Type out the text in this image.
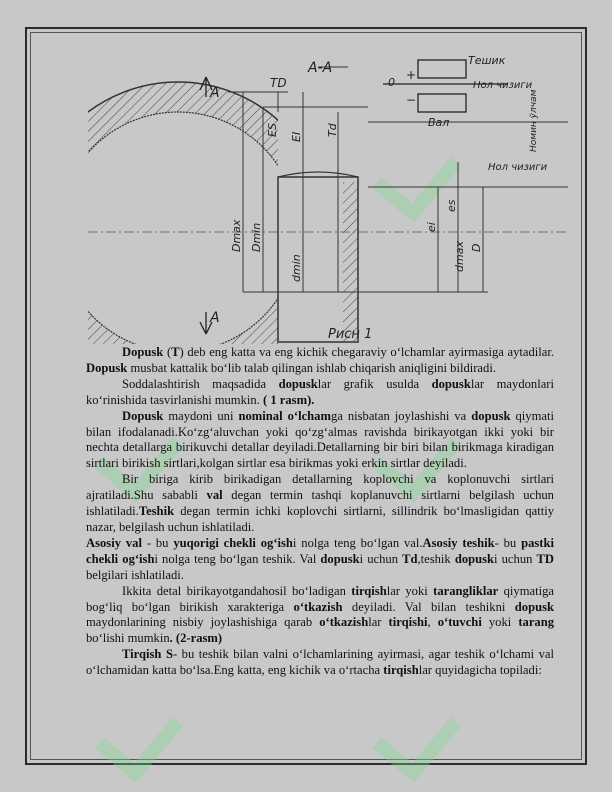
А-А
А
А
TD	0
+
−
Тешик
Нол чизиги
Вал
Нол чизиги
Рисн 1
Dmax Dmin
ES EI Td
dmin
ei
es
dmax D
Номин ўлчам

Dopusk (T) deb eng katta va eng kichik chegaraviy o‘lchamlar ayirmasiga aytadilar. Dopusk musbat kattalik bo‘lib talab qilingan ishlab chiqarish aniqligini bildiradi.

Soddalashtirish maqsadida dopusklar grafik usulda dopusklar maydonlari ko‘rinishida tasvirlanishi mumkin. ( 1 rasm).

Dopusk maydoni uni nominal o‘lchamga nisbatan joylashishi va dopusk qiymati bilan ifodalanadi.Ko‘zg‘aluvchan yoki qo‘zg‘almas ravishda birikayotgan ikki yoki bir nechta detallarga birikuvchi detallar deyiladi.Detallarning bir biri bilan birikmaga kiradigan sirtlari birikish sirtlari,kolgan sirtlar esa birikmas yoki erkin sirtlar deyiladi.

Bir biriga kirib birikadigan detallarning koplovchi va koplonuvchi sirtlari ajratiladi.Shu sababli val degan termin tashqi koplanuvchi sirtlarni belgilash uchun ishlatiladi.Teshik degan termin ichki koplovchi sirtlarni, sillindrik bo‘lmasligidan qattiy nazar, belgilash uchun ishlatiladi.

Asosiy val - bu yuqorigi chekli og‘ishi nolga teng bo‘lgan val.Asosiy teshik- bu pastki chekli og‘ishi nolga teng bo‘lgan teshik. Val dopuski uchun Td,teshik dopuski uchun TD belgilari ishlatiladi.

Ikkita detal birikayotgandahosil bo‘ladigan tirqishlar yoki tarangliklar qiymatiga bog‘liq bo‘lgan birikish xarakteriga o‘tkazish deyiladi. Val bilan teshikni dopusk maydonlarining nisbiy joylashishiga qarab o‘tkazishlar tirqishi, o‘tuvchi yoki tarang bo‘lishi mumkin. (2-rasm)

Tirqish S- bu teshik bilan valni o‘lchamlarining ayirmasi, agar teshik o‘lchami val o‘lchamidan katta bo‘lsa.Eng katta, eng kichik va o‘rtacha tirqishlar quyidagicha topiladi:
